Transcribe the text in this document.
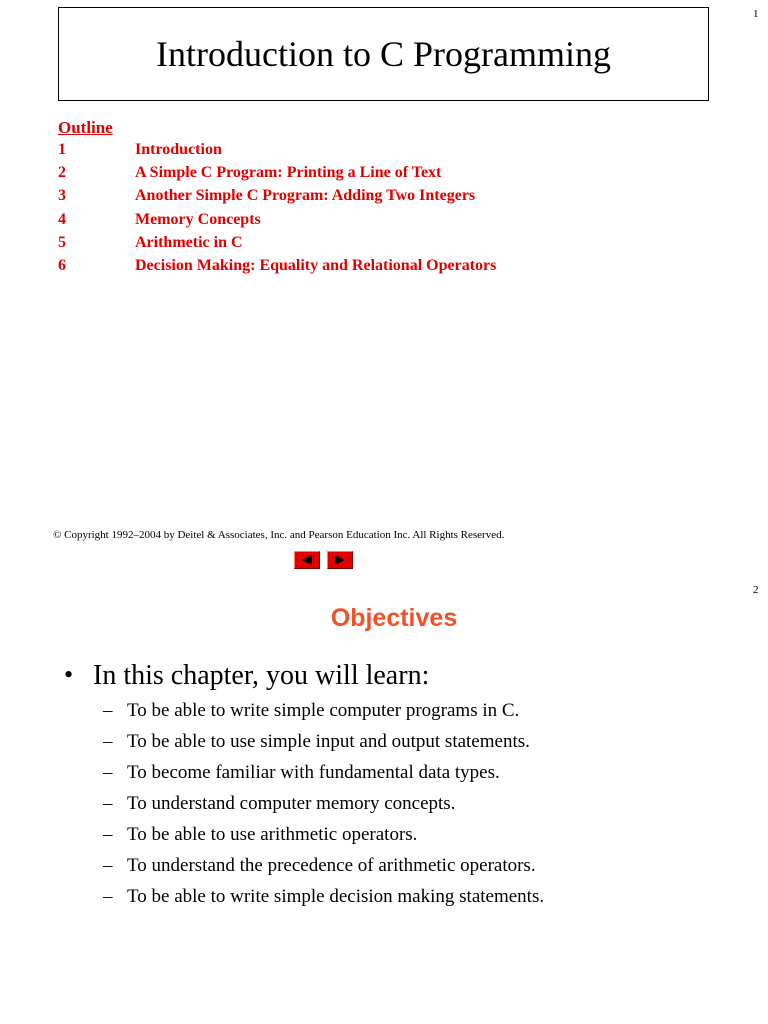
1
Introduction to C Programming
Outline
1	Introduction
2	A Simple C Program: Printing a Line of Text
3	Another Simple C Program: Adding Two Integers
4	Memory Concepts
5	Arithmetic in C
6	Decision Making: Equality and Relational Operators
© Copyright 1992–2004 by Deitel & Associates, Inc. and Pearson Education Inc. All Rights Reserved.
2
Objectives
• In this chapter, you will learn:
– To be able to write simple computer programs in C.
– To be able to use simple input and output statements.
– To become familiar with fundamental data types.
– To understand computer memory concepts.
– To be able to use arithmetic operators.
– To understand the precedence of arithmetic operators.
– To be able to write simple decision making statements.
